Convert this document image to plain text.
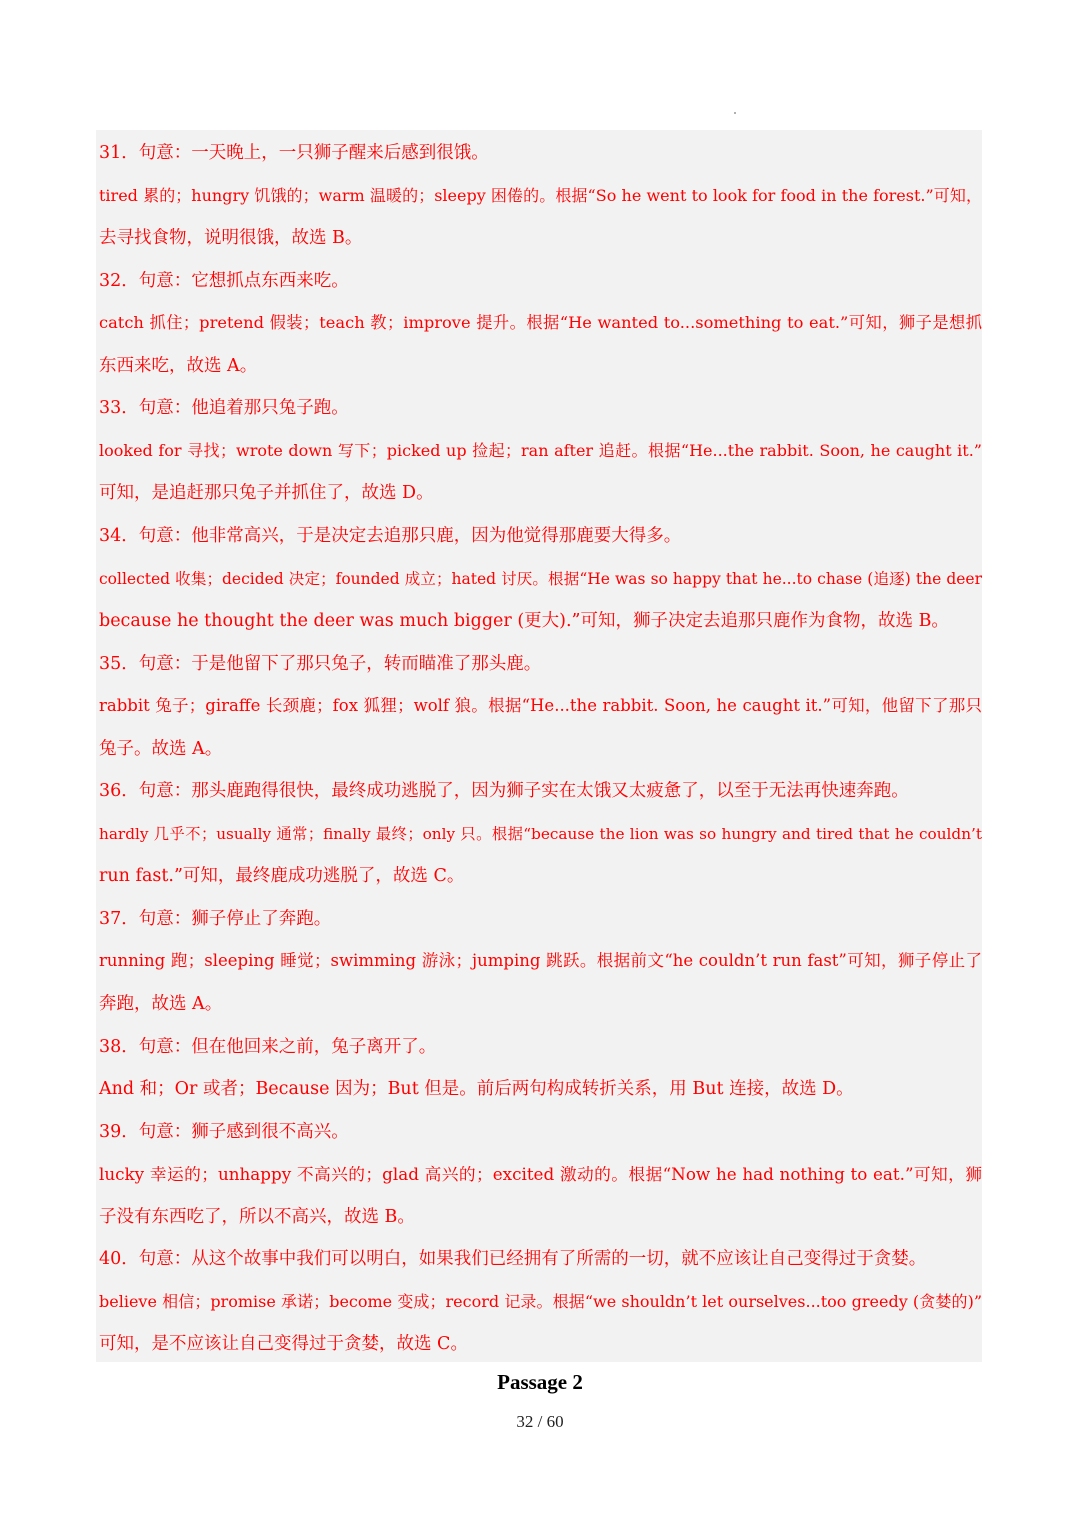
31．句意：一天晚上，一只狮子醒来后感到很饿。
tired 累的；hungry 饥饿的；warm 温暖的；sleepy 困倦的。根据“So he went to look for food in the forest.”可知，
去寻找食物，说明很饿，故选 B。
32．句意：它想抓点东西来吃。
catch 抓住；pretend 假装；teach 教；improve 提升。根据“He wanted to...something to eat.”可知，狮子是想抓
东西来吃，故选 A。
33．句意：他追着那只兔子跑。
looked for 寻找；wrote down 写下；picked up 捡起；ran after 追赶。根据“He...the rabbit. Soon, he caught it.”
可知，是追赶那只兔子并抓住了，故选 D。
34．句意：他非常高兴，于是决定去追那只鹿，因为他觉得那鹿要大得多。
collected 收集；decided 决定；founded 成立；hated 讨厌。根据“He was so happy that he...to chase (追逐) the deer
because he thought the deer was much bigger (更大).”可知，狮子决定去追那只鹿作为食物，故选 B。
35．句意：于是他留下了那只兔子，转而瞄准了那头鹿。
rabbit 兔子；giraffe 长颈鹿；fox 狐狸；wolf 狼。根据“He...the rabbit. Soon, he caught it.”可知，他留下了那只
兔子。故选 A。
36．句意：那头鹿跑得很快，最终成功逃脱了，因为狮子实在太饿又太疲惫了，以至于无法再快速奔跑。
hardly 几乎不；usually 通常；finally 最终；only 只。根据“because the lion was so hungry and tired that he couldn’t
run fast.”可知，最终鹿成功逃脱了，故选 C。
37．句意：狮子停止了奔跑。
running 跑；sleeping 睡觉；swimming 游泳；jumping 跳跃。根据前文“he couldn’t run fast”可知，狮子停止了
奔跑，故选 A。
38．句意：但在他回来之前，兔子离开了。
And 和；Or 或者；Because 因为；But 但是。前后两句构成转折关系，用 But 连接，故选 D。
39．句意：狮子感到很不高兴。
lucky 幸运的；unhappy 不高兴的；glad 高兴的；excited 激动的。根据“Now he had nothing to eat.”可知，狮
子没有东西吃了，所以不高兴，故选 B。
40．句意：从这个故事中我们可以明白，如果我们已经拥有了所需的一切，就不应该让自己变得过于贪婪。
believe 相信；promise 承诺；become 变成；record 记录。根据“we shouldn’t let ourselves...too greedy (贪婪的)”
可知，是不应该让自己变得过于贪婪，故选 C。
Passage 2
32 / 60
